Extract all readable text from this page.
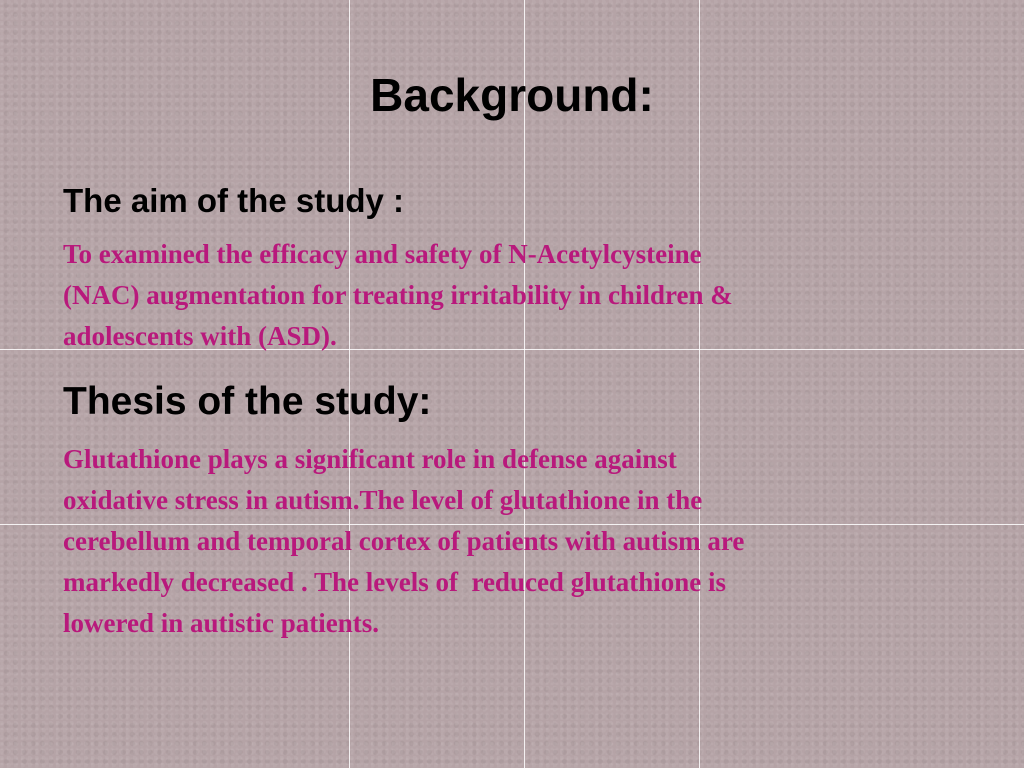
Background:
The aim of the study :
To examined the efficacy and safety of N-Acetylcysteine
(NAC) augmentation for treating irritability in children &
adolescents with (ASD).
Thesis of the study:
Glutathione plays a significant role in defense against
oxidative stress in autism.The level of glutathione in the
cerebellum and temporal cortex of patients with autism are
markedly decreased . The levels of  reduced glutathione is
lowered in autistic patients.
